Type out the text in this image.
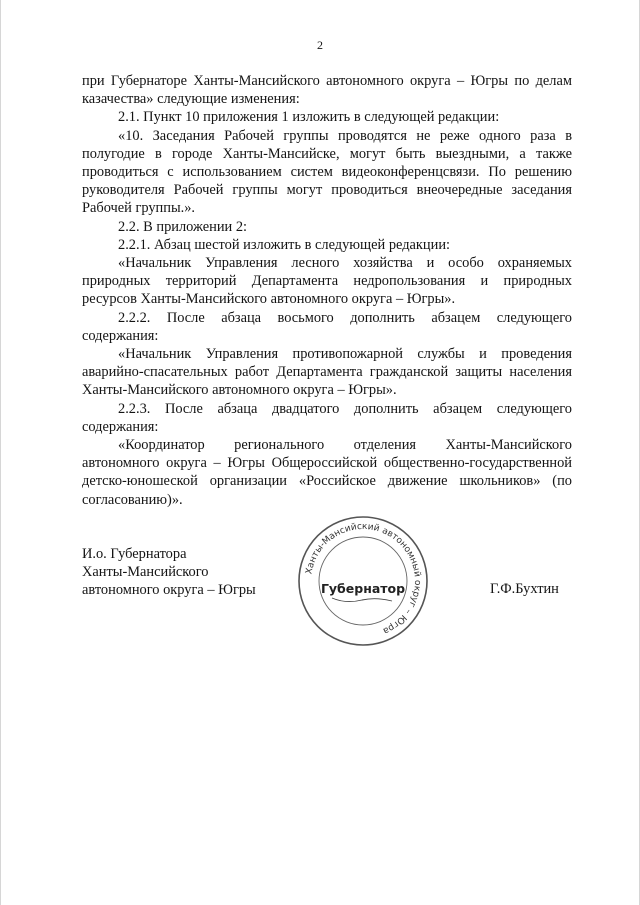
2

при Губернаторе Ханты-Мансийского автономного округа – Югры по делам казачества» следующие изменения:

2.1. Пункт 10 приложения 1 изложить в следующей редакции:

«10. Заседания Рабочей группы проводятся не реже одного раза в полугодие в городе Ханты-Мансийске, могут быть выездными, а также проводиться с использованием систем видеоконференцсвязи. По решению руководителя Рабочей группы могут проводиться внеочередные заседания Рабочей группы.».

2.2. В приложении 2:

2.2.1. Абзац шестой изложить в следующей редакции:

«Начальник Управления лесного хозяйства и особо охраняемых природных территорий Департамента недропользования и природных ресурсов Ханты-Мансийского автономного округа – Югры».

2.2.2. После абзаца восьмого дополнить абзацем следующего содержания:

«Начальник Управления противопожарной службы и проведения аварийно-спасательных работ Департамента гражданской защиты населения Ханты-Мансийского автономного округа – Югры».

2.2.3. После абзаца двадцатого дополнить абзацем следующего содержания:

«Координатор регионального отделения Ханты-Мансийского автономного округа – Югры Общероссийской общественно-государственной детско-юношеской организации «Российское движение школьников» (по согласованию)».

И.о. Губернатора
Ханты-Мансийского
автономного округа – Югры
Ханты-Мансийский автономный округ – Югра
Губернатор	Г.Ф.Бухтин
